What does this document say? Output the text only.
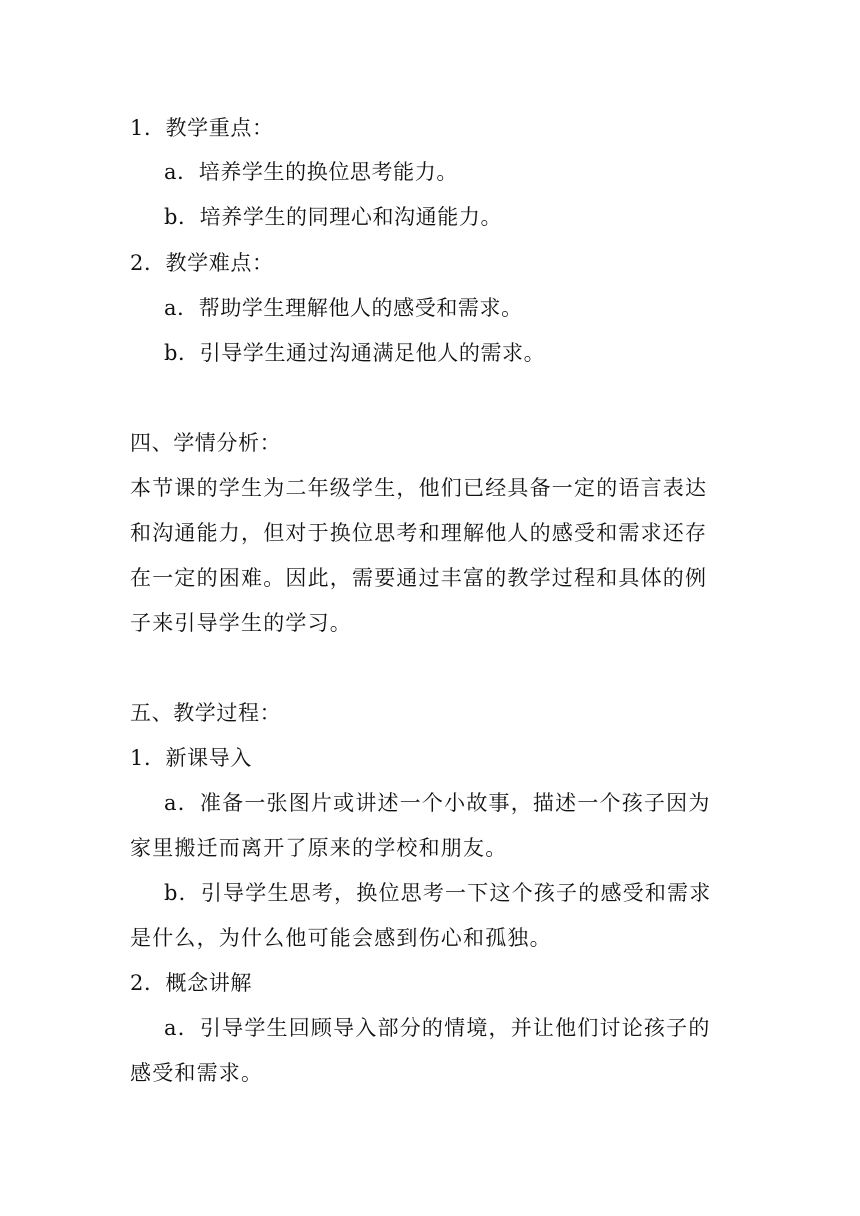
1．教学重点：
a．培养学生的换位思考能力。
b．培养学生的同理心和沟通能力。
2．教学难点：
a．帮助学生理解他人的感受和需求。
b．引导学生通过沟通满足他人的需求。
四、学情分析：
本节课的学生为二年级学生，他们已经具备一定的语言表达
和沟通能力，但对于换位思考和理解他人的感受和需求还存
在一定的困难。因此，需要通过丰富的教学过程和具体的例
子来引导学生的学习。
五、教学过程：
1．新课导入
a．准备一张图片或讲述一个小故事，描述一个孩子因为
家里搬迁而离开了原来的学校和朋友。
b．引导学生思考，换位思考一下这个孩子的感受和需求
是什么，为什么他可能会感到伤心和孤独。
2．概念讲解
a．引导学生回顾导入部分的情境，并让他们讨论孩子的
感受和需求。
